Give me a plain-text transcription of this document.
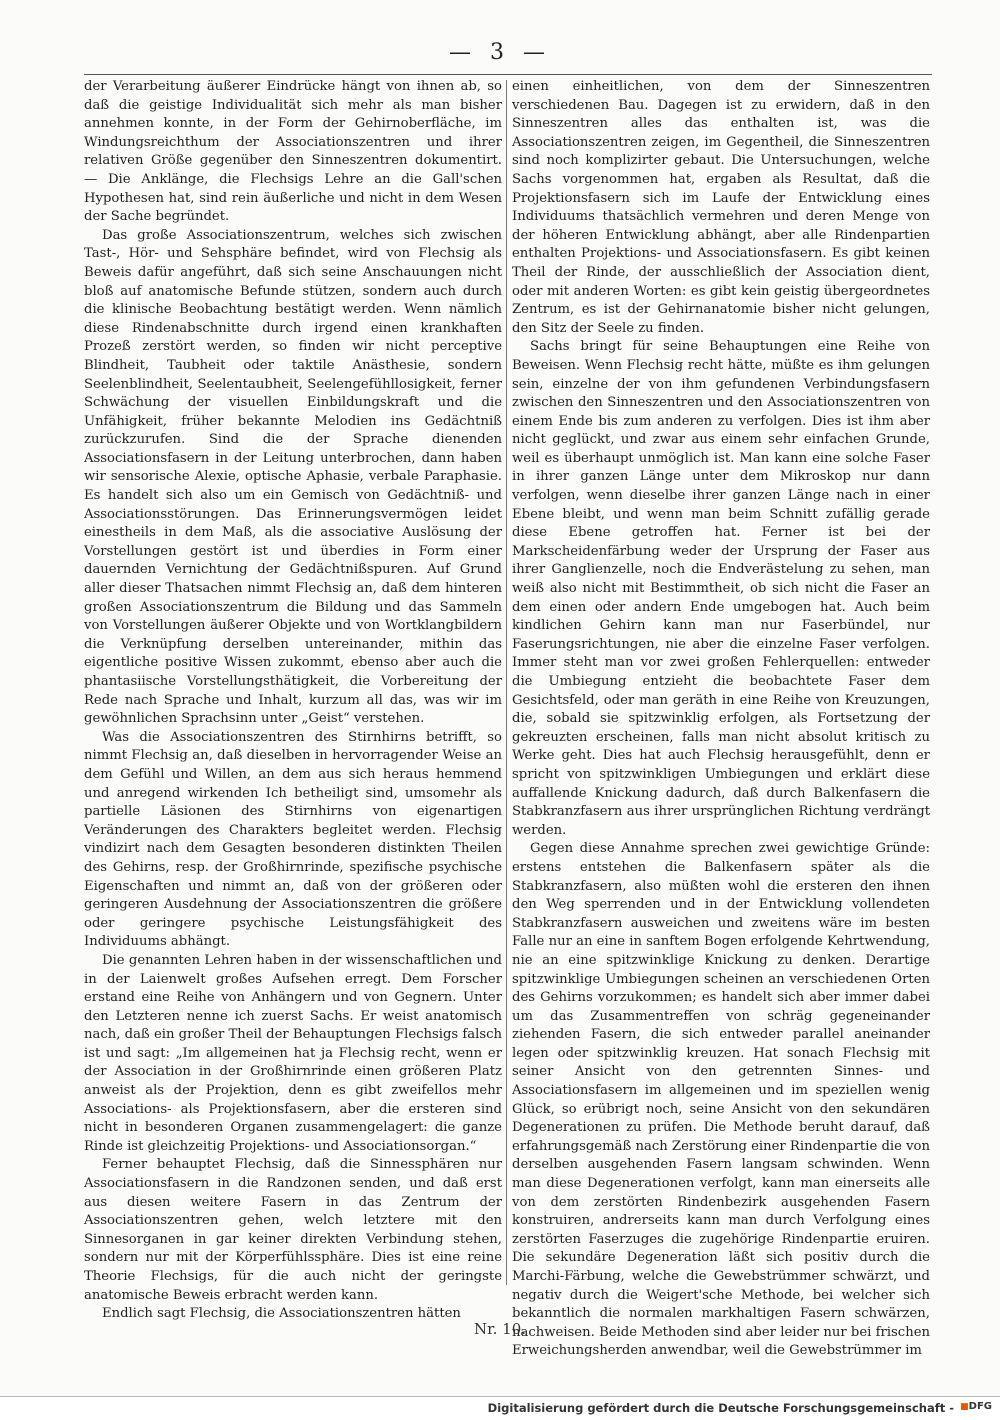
— 3 —

der Verarbeitung äußerer Eindrücke hängt von ihnen ab, so daß die geistige Individualität sich mehr als man bisher annehmen konnte, in der Form der Gehirnoberfläche, im Windungsreichthum der Associationszentren und ihrer relativen Größe gegenüber den Sinneszentren dokumentirt. — Die Anklänge, die Flechsigs Lehre an die Gall'schen Hypothesen hat, sind rein äußerliche und nicht in dem Wesen der Sache begründet.

Das große Associationszentrum, welches sich zwischen Tast-, Hör- und Sehsphäre befindet, wird von Flechsig als Beweis dafür angeführt, daß sich seine Anschauungen nicht bloß auf anatomische Befunde stützen, sondern auch durch die klinische Beobachtung bestätigt werden. Wenn nämlich diese Rindenabschnitte durch irgend einen krankhaften Prozeß zerstört werden, so finden wir nicht perceptive Blindheit, Taubheit oder taktile Anästhesie, sondern Seelenblindheit, Seelentaubheit, Seelengefühllosigkeit, ferner Schwächung der visuellen Einbildungskraft und die Unfähigkeit, früher bekannte Melodien ins Gedächtniß zurückzurufen. Sind die der Sprache dienenden Associationsfasern in der Leitung unterbrochen, dann haben wir sensorische Alexie, optische Aphasie, verbale Paraphasie. Es handelt sich also um ein Gemisch von Gedächtniß- und Associationsstörungen. Das Erinnerungsvermögen leidet einestheils in dem Maß, als die associative Auslösung der Vorstellungen gestört ist und überdies in Form einer dauernden Vernichtung der Gedächtnißspuren. Auf Grund aller dieser Thatsachen nimmt Flechsig an, daß dem hinteren großen Associationszentrum die Bildung und das Sammeln von Vorstellungen äußerer Objekte und von Wortklangbildern die Verknüpfung derselben untereinander, mithin das eigentliche positive Wissen zukommt, ebenso aber auch die phantasiische Vorstellungsthätigkeit, die Vorbereitung der Rede nach Sprache und Inhalt, kurzum all das, was wir im gewöhnlichen Sprachsinn unter „Geist“ verstehen.

Was die Associationszentren des Stirnhirns betrifft, so nimmt Flechsig an, daß dieselben in hervorragender Weise an dem Gefühl und Willen, an dem aus sich heraus hemmend und anregend wirkenden Ich betheiligt sind, umsomehr als partielle Läsionen des Stirnhirns von eigenartigen Veränderungen des Charakters begleitet werden. Flechsig vindizirt nach dem Gesagten besonderen distinkten Theilen des Gehirns, resp. der Großhirnrinde, spezifische psychische Eigenschaften und nimmt an, daß von der größeren oder geringeren Ausdehnung der Associationszentren die größere oder geringere psychische Leistungsfähigkeit des Individuums abhängt.

Die genannten Lehren haben in der wissenschaftlichen und in der Laienwelt großes Aufsehen erregt. Dem Forscher erstand eine Reihe von Anhängern und von Gegnern. Unter den Letzteren nenne ich zuerst Sachs. Er weist anatomisch nach, daß ein großer Theil der Behauptungen Flechsigs falsch ist und sagt: „Im allgemeinen hat ja Flechsig recht, wenn er der Association in der Großhirnrinde einen größeren Platz anweist als der Projektion, denn es gibt zweifellos mehr Associations- als Projektionsfasern, aber die ersteren sind nicht in besonderen Organen zusammengelagert: die ganze Rinde ist gleichzeitig Projektions- und Associationsorgan.“

Ferner behauptet Flechsig, daß die Sinnessphären nur Associationsfasern in die Randzonen senden, und daß erst aus diesen weitere Fasern in das Zentrum der Associationszentren gehen, welch letztere mit den Sinnesorganen in gar keiner direkten Verbindung stehen, sondern nur mit der Körperfühlssphäre. Dies ist eine reine Theorie Flechsigs, für die auch nicht der geringste anatomische Beweis erbracht werden kann.

Endlich sagt Flechsig, die Associationszentren hätten

einen einheitlichen, von dem der Sinneszentren verschiedenen Bau. Dagegen ist zu erwidern, daß in den Sinneszentren alles das enthalten ist, was die Associationszentren zeigen, im Gegentheil, die Sinneszentren sind noch komplizirter gebaut. Die Untersuchungen, welche Sachs vorgenommen hat, ergaben als Resultat, daß die Projektionsfasern sich im Laufe der Entwicklung eines Individuums thatsächlich vermehren und deren Menge von der höheren Entwicklung abhängt, aber alle Rindenpartien enthalten Projektions- und Associationsfasern. Es gibt keinen Theil der Rinde, der ausschließlich der Association dient, oder mit anderen Worten: es gibt kein geistig übergeordnetes Zentrum, es ist der Gehirnanatomie bisher nicht gelungen, den Sitz der Seele zu finden.

Sachs bringt für seine Behauptungen eine Reihe von Beweisen. Wenn Flechsig recht hätte, müßte es ihm gelungen sein, einzelne der von ihm gefundenen Verbindungsfasern zwischen den Sinneszentren und den Associationszentren von einem Ende bis zum anderen zu verfolgen. Dies ist ihm aber nicht geglückt, und zwar aus einem sehr einfachen Grunde, weil es überhaupt unmöglich ist. Man kann eine solche Faser in ihrer ganzen Länge unter dem Mikroskop nur dann verfolgen, wenn dieselbe ihrer ganzen Länge nach in einer Ebene bleibt, und wenn man beim Schnitt zufällig gerade diese Ebene getroffen hat. Ferner ist bei der Markscheidenfärbung weder der Ursprung der Faser aus ihrer Ganglienzelle, noch die Endverästelung zu sehen, man weiß also nicht mit Bestimmtheit, ob sich nicht die Faser an dem einen oder andern Ende umgebogen hat. Auch beim kindlichen Gehirn kann man nur Faserbündel, nur Faserungsrichtungen, nie aber die einzelne Faser verfolgen. Immer steht man vor zwei großen Fehlerquellen: entweder die Umbiegung entzieht die beobachtete Faser dem Gesichtsfeld, oder man geräth in eine Reihe von Kreuzungen, die, sobald sie spitzwinklig erfolgen, als Fortsetzung der gekreuzten erscheinen, falls man nicht absolut kritisch zu Werke geht. Dies hat auch Flechsig herausgefühlt, denn er spricht von spitzwinkligen Umbiegungen und erklärt diese auffallende Knickung dadurch, daß durch Balkenfasern die Stabkranzfasern aus ihrer ursprünglichen Richtung verdrängt werden.

Gegen diese Annahme sprechen zwei gewichtige Gründe: erstens entstehen die Balkenfasern später als die Stabkranzfasern, also müßten wohl die ersteren den ihnen den Weg sperrenden und in der Entwicklung vollendeten Stabkranzfasern ausweichen und zweitens wäre im besten Falle nur an eine in sanftem Bogen erfolgende Kehrtwendung, nie an eine spitzwinklige Knickung zu denken. Derartige spitzwinklige Umbiegungen scheinen an verschiedenen Orten des Gehirns vorzukommen; es handelt sich aber immer dabei um das Zusammentreffen von schräg gegeneinander ziehenden Fasern, die sich entweder parallel aneinander legen oder spitzwinklig kreuzen. Hat sonach Flechsig mit seiner Ansicht von den getrennten Sinnes- und Associationsfasern im allgemeinen und im speziellen wenig Glück, so erübrigt noch, seine Ansicht von den sekundären Degenerationen zu prüfen. Die Methode beruht darauf, daß erfahrungsgemäß nach Zerstörung einer Rindenpartie die von derselben ausgehenden Fasern langsam schwinden. Wenn man diese Degenerationen verfolgt, kann man einerseits alle von dem zerstörten Rindenbezirk ausgehenden Fasern konstruiren, andrerseits kann man durch Verfolgung eines zerstörten Faserzuges die zugehörige Rindenpartie eruiren. Die sekundäre Degeneration läßt sich positiv durch die Marchi-Färbung, welche die Gewebstrümmer schwärzt, und negativ durch die Weigert'sche Methode, bei welcher sich bekanntlich die normalen markhaltigen Fasern schwärzen, nachweisen. Beide Methoden sind aber leider nur bei frischen Erweichungsherden anwendbar, weil die Gewebstrümmer im

Nr. 10.
Digitalisierung gefördert durch die Deutsche Forschungsgemeinschaft - ■DFG
